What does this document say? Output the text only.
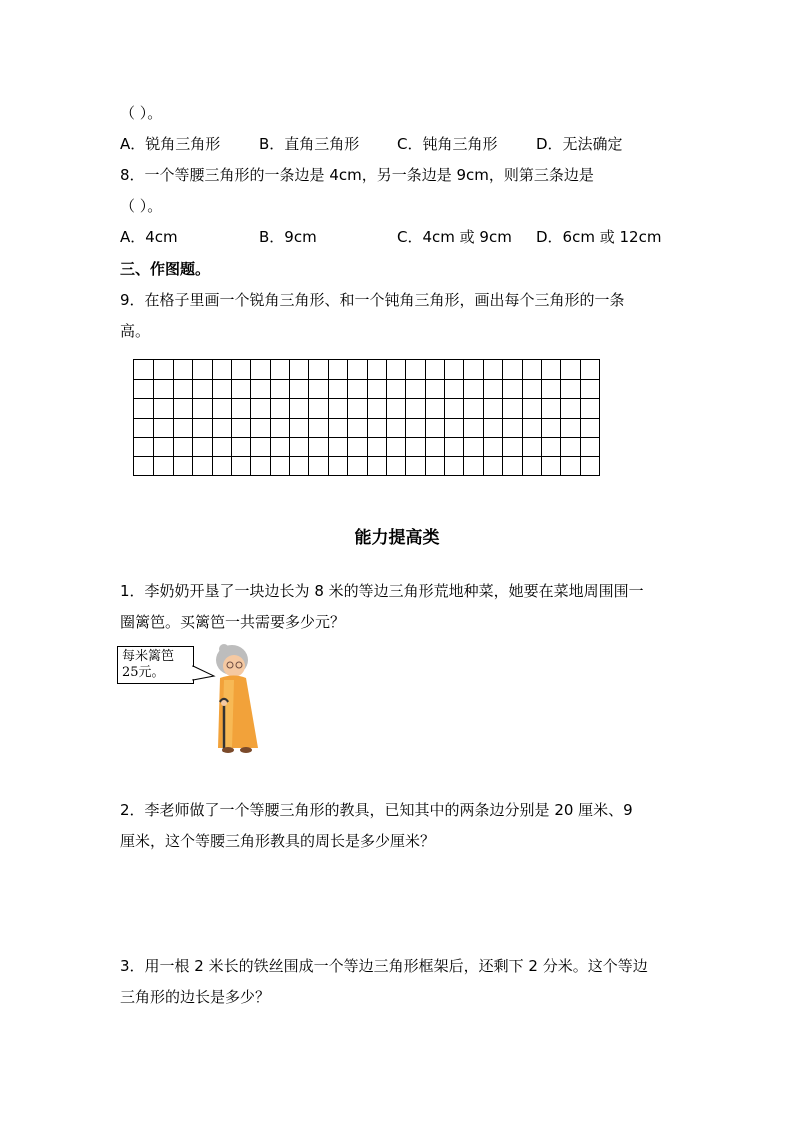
（ ）。
A．锐角三角形	B．直角三角形	C．钝角三角形	D．无法确定
8．一个等腰三角形的一条边是 4cm，另一条边是 9cm，则第三条边是
（ ）。
A．4cm	B．9cm	C．4cm 或 9cm D．6cm 或 12cm
三、作图题。
9．在格子里画一个锐角三角形、和一个钝角三角形，画出每个三角形的一条
高。
能力提高类
1．李奶奶开垦了一块边长为 8 米的等边三角形荒地种菜，她要在菜地周围围一
圈篱笆。买篱笆一共需要多少元？
每米篱笆
25元。
2．李老师做了一个等腰三角形的教具，已知其中的两条边分别是 20 厘米、9
厘米，这个等腰三角形教具的周长是多少厘米？
3．用一根 2 米长的铁丝围成一个等边三角形框架后，还剩下 2 分米。这个等边
三角形的边长是多少？
